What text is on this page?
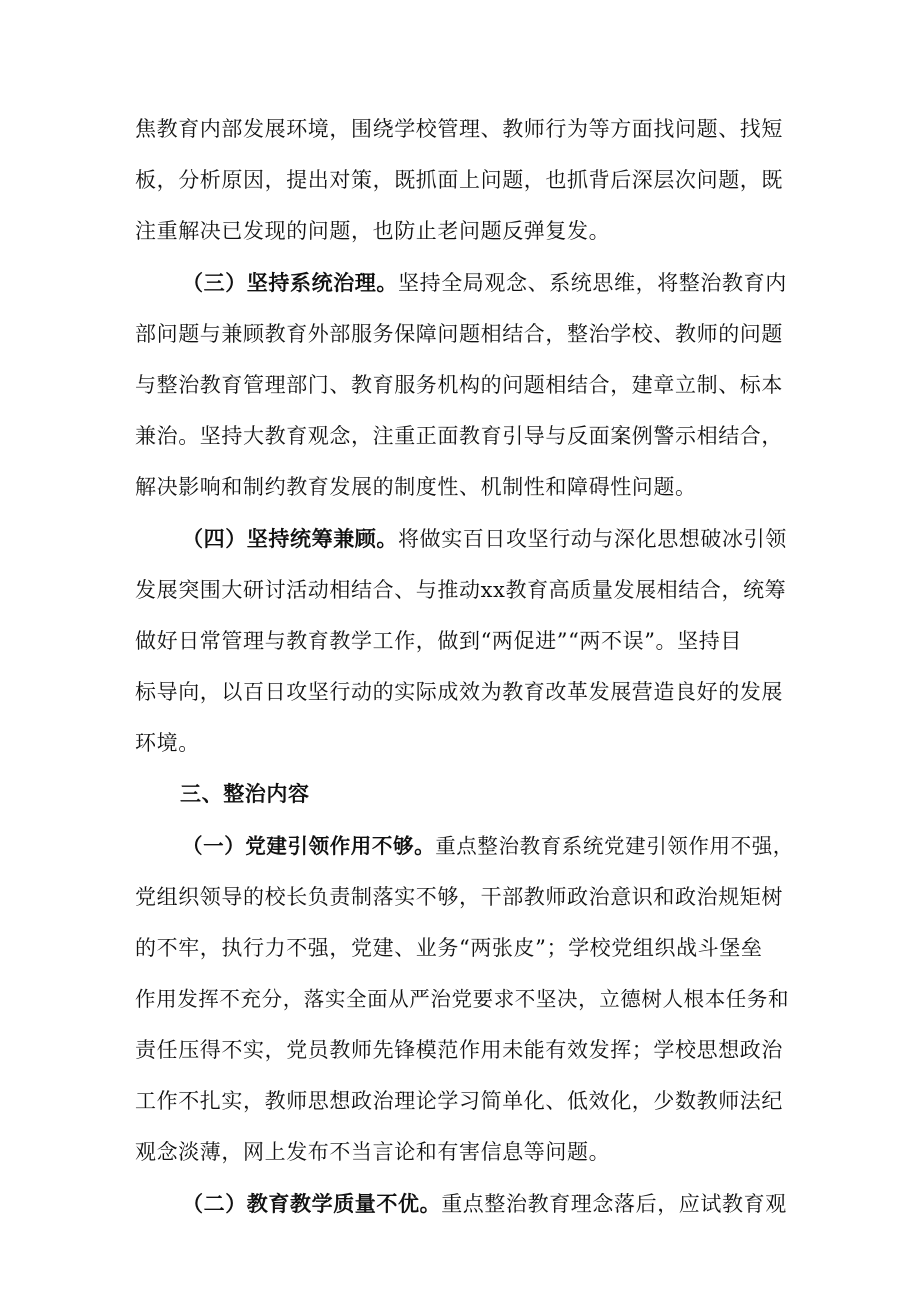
焦教育内部发展环境，围绕学校管理、教师行为等方面找问题、找短
板，分析原因，提出对策，既抓面上问题，也抓背后深层次问题，既
注重解决已发现的问题，也防止老问题反弹复发。
（三）坚持系统治理。坚持全局观念、系统思维，将整治教育内
部问题与兼顾教育外部服务保障问题相结合，整治学校、教师的问题
与整治教育管理部门、教育服务机构的问题相结合，建章立制、标本
兼治。坚持大教育观念，注重正面教育引导与反面案例警示相结合，
解决影响和制约教育发展的制度性、机制性和障碍性问题。
（四）坚持统筹兼顾。将做实百日攻坚行动与深化思想破冰引领
发展突围大研讨活动相结合、与推动xx教育高质量发展相结合，统筹
做好日常管理与教育教学工作，做到“两促进”“两不误”。坚持目
标导向，以百日攻坚行动的实际成效为教育改革发展营造良好的发展
环境。
三、整治内容
（一）党建引领作用不够。重点整治教育系统党建引领作用不强，
党组织领导的校长负责制落实不够，干部教师政治意识和政治规矩树
的不牢，执行力不强，党建、业务“两张皮”；学校党组织战斗堡垒
作用发挥不充分，落实全面从严治党要求不坚决，立德树人根本任务和
责任压得不实，党员教师先锋模范作用未能有效发挥；学校思想政治
工作不扎实，教师思想政治理论学习简单化、低效化，少数教师法纪
观念淡薄，网上发布不当言论和有害信息等问题。
（二）教育教学质量不优。重点整治教育理念落后，应试教育观
